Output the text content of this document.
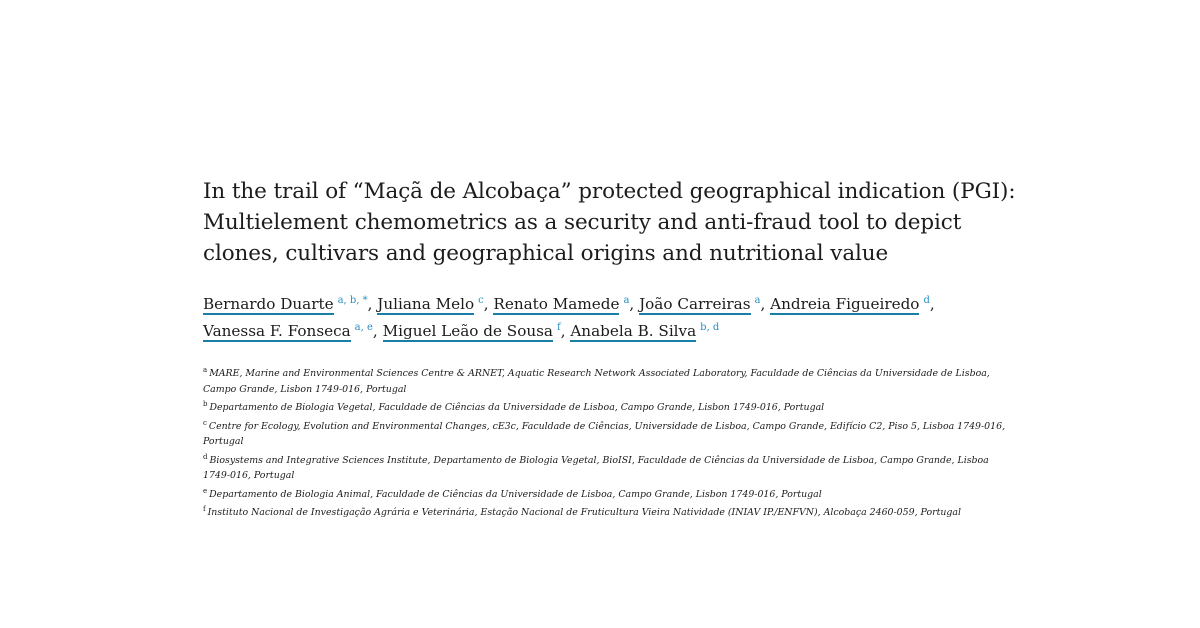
In the trail of “Maçã de Alcobaça” protected geographical indication (PGI): Multielement chemometrics as a security and anti-fraud tool to depict clones, cultivars and geographical origins and nutritional value
Bernardo Duarte $^{a, b, *}$, Juliana Melo $^c$, Renato Mamede $^a$, João Carreiras $^a$, Andreia Figueiredo $^d$,
Vanessa F. Fonseca $^{a, e}$, Miguel Leão de Sousa $^f$, Anabela B. Silva $^{b, d}$

$^a$ MARE, Marine and Environmental Sciences Centre & ARNET, Aquatic Research Network Associated Laboratory, Faculdade de Ciências da Universidade de Lisboa, Campo Grande, Lisbon 1749-016, Portugal

$^b$ Departamento de Biologia Vegetal, Faculdade de Ciências da Universidade de Lisboa, Campo Grande, Lisbon 1749-016, Portugal

$^c$ Centre for Ecology, Evolution and Environmental Changes, cE3c, Faculdade de Ciências, Universidade de Lisboa, Campo Grande, Edifício C2, Piso 5, Lisboa 1749-016, Portugal

$^d$ Biosystems and Integrative Sciences Institute, Departamento de Biologia Vegetal, BioISI, Faculdade de Ciências da Universidade de Lisboa, Campo Grande, Lisboa 1749-016, Portugal

$^e$ Departamento de Biologia Animal, Faculdade de Ciências da Universidade de Lisboa, Campo Grande, Lisbon 1749-016, Portugal

$^f$ Instituto Nacional de Investigação Agrária e Veterinária, Estação Nacional de Fruticultura Vieira Natividade (INIAV IP./ENFVN), Alcobaça 2460-059, Portugal
